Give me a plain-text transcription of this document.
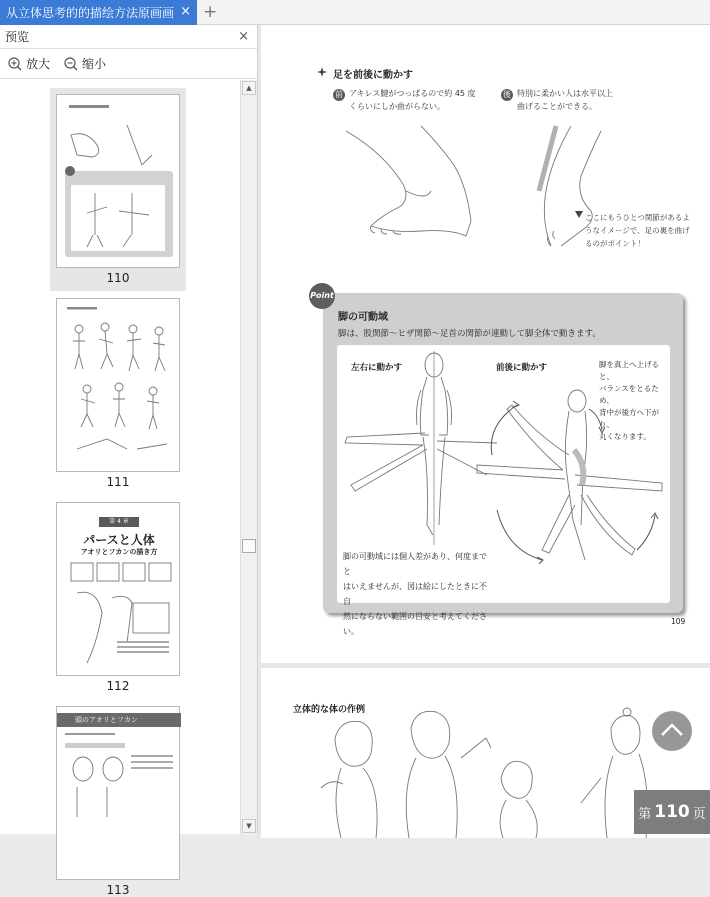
从立体思考的的描绘方法原画画 × +
预览	×
放大	缩小
110
111
第 4 章
パースと人体
アオリとフカンの描き方
112
頭のアオリとフカン
113
▲
▼
足を前後に動かす
前 アキレス腱がつっぱるので約 45 度
くらいにしか曲がらない。
後 特別に柔かい人は水平以上
曲げることができる。
ここにもうひとつ関節があるよ
うなイメージで、足の裏を曲げ
るのがポイント！
脚の可動域
脚は、股関節～ヒザ関節～足首の関節が連動して脚全体で動きます。
左右に動かす	前後に動かす	脚を真上へ上げると、
バランスをとるため、
背中が後方へ下がり、
丸くなります。
脚の可動域には個人差があり、何度までと
はいえませんが、図は絵にしたときに不自
然にならない範囲の目安と考えてください。
Point
109
立体的な体の作例
第 110 页
